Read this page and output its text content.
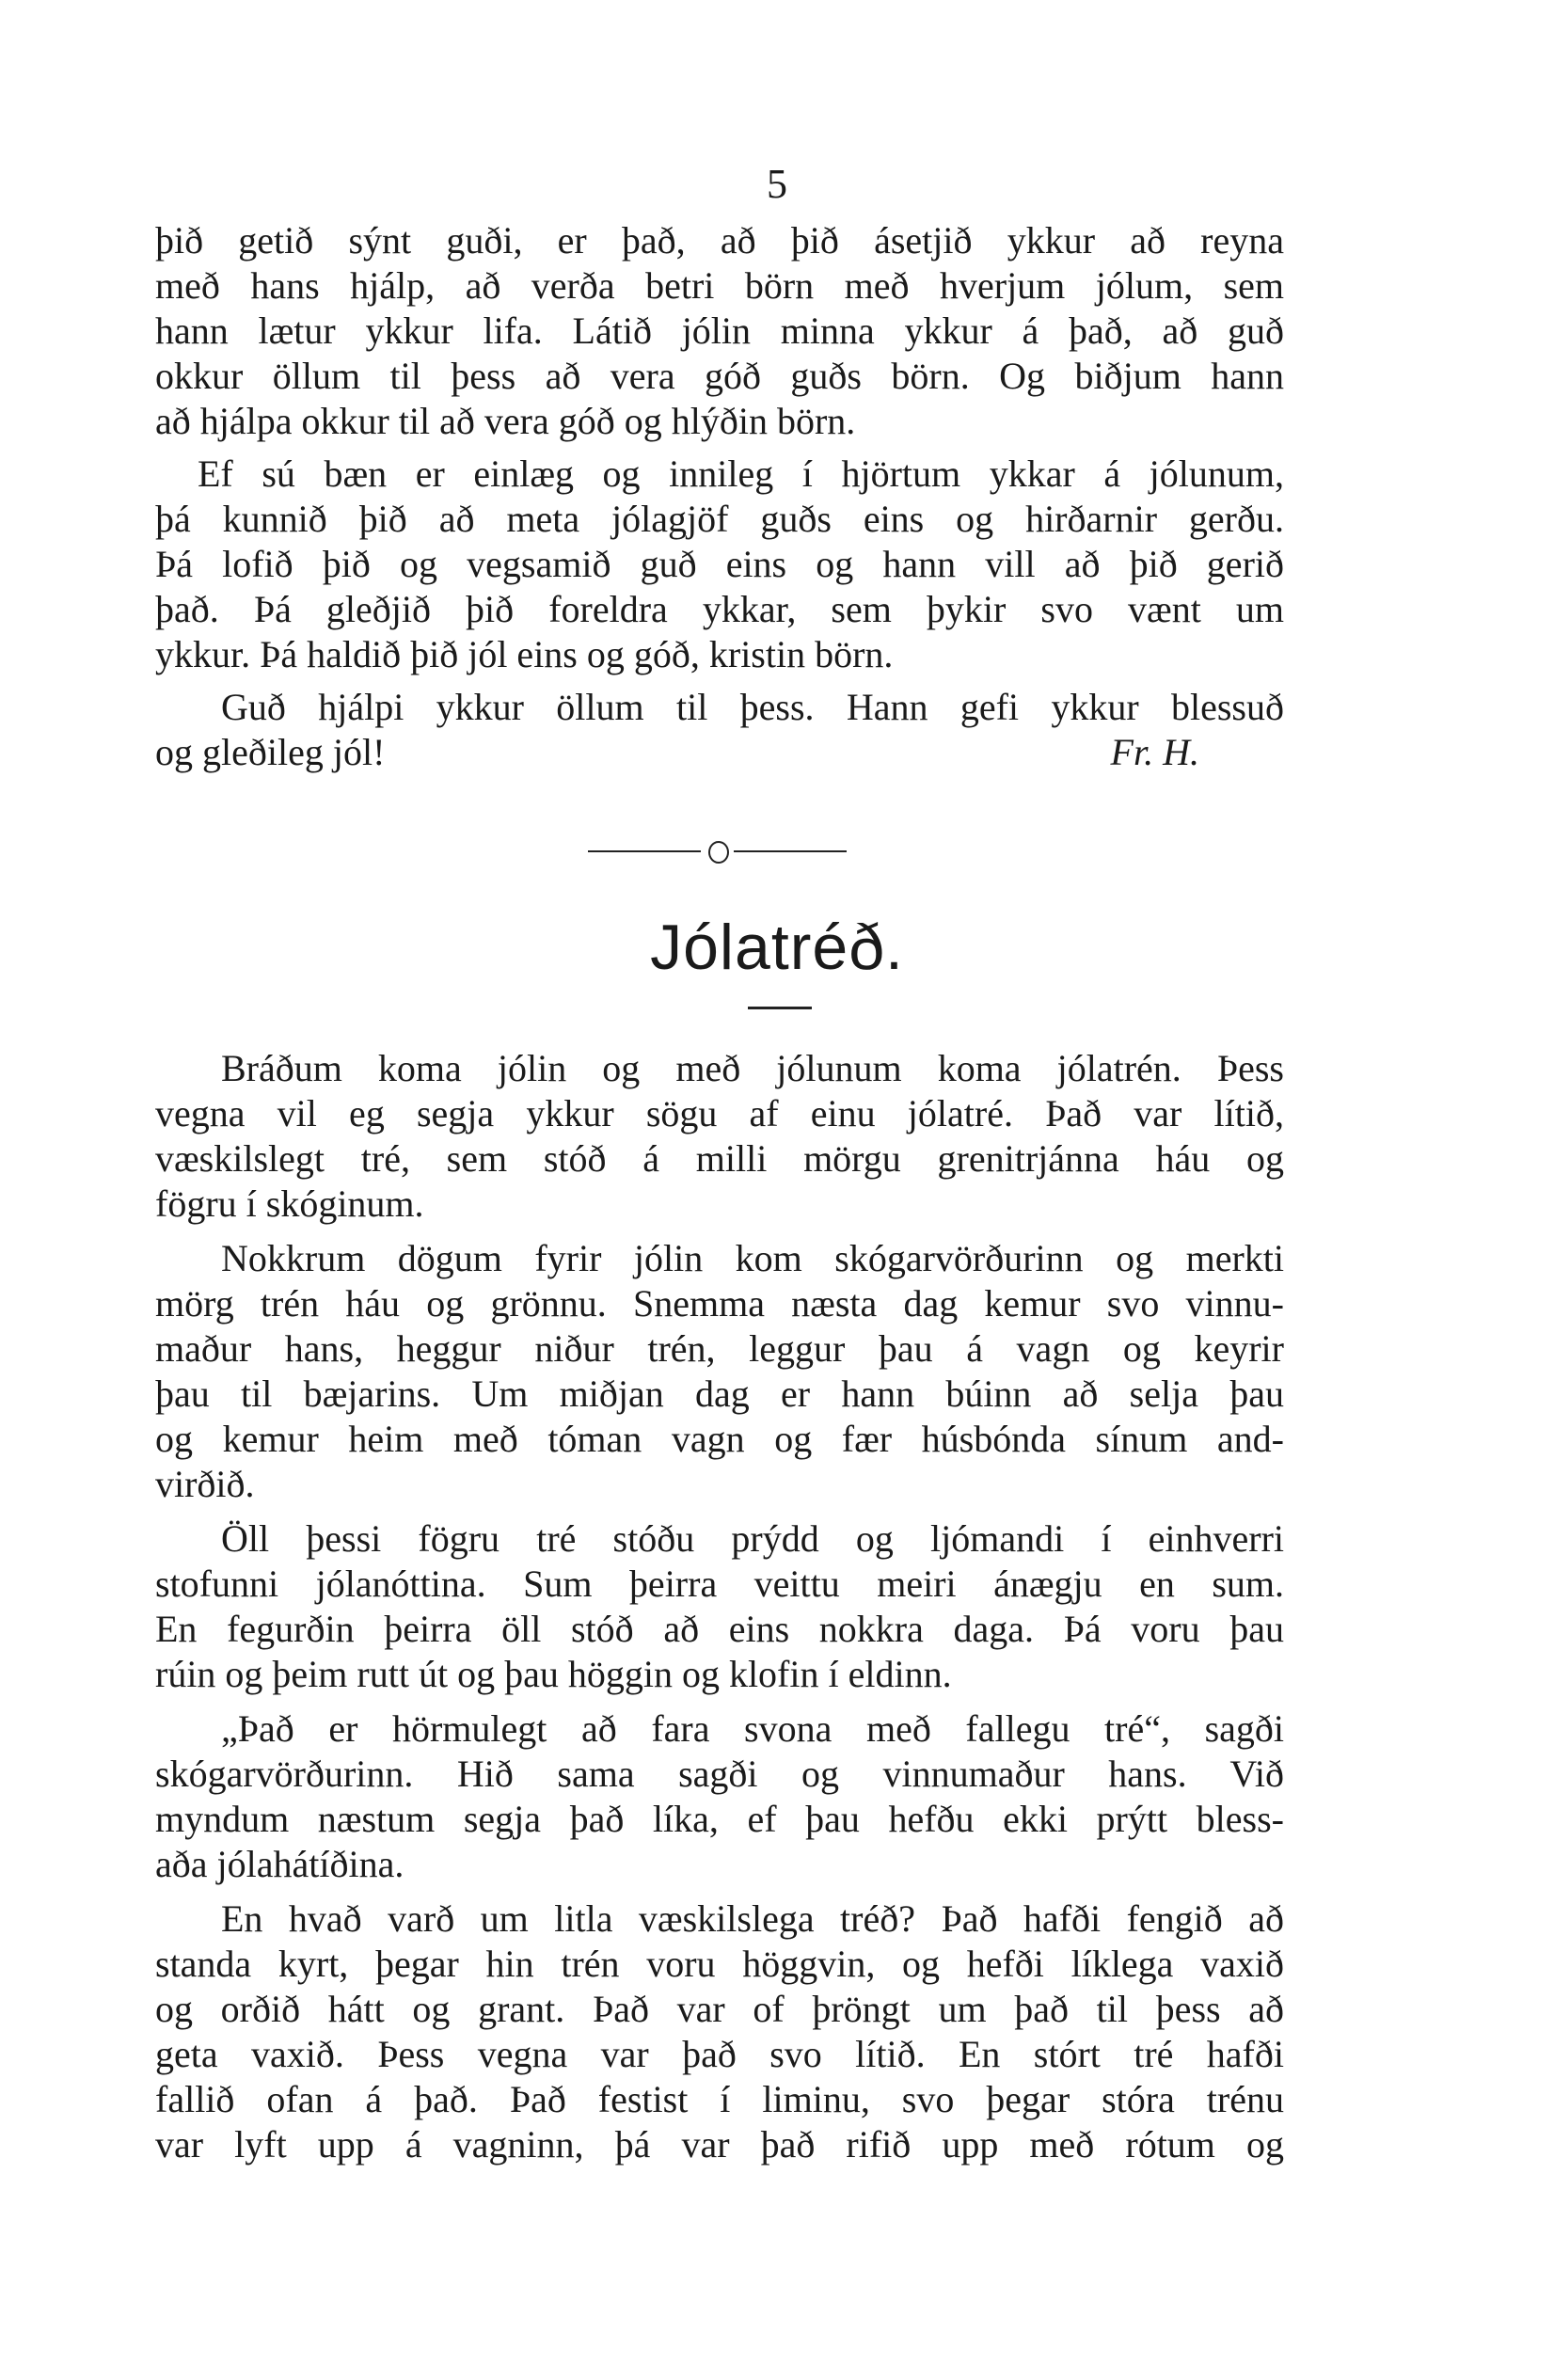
5
þið getið sýnt guði, er það, að þið ásetjið ykkur að reyna
með hans hjálp, að verða betri börn með hverjum jólum, sem
hann lætur ykkur lifa. Látið jólin minna ykkur á það, að guð
okkur öllum til þess að vera góð guðs börn. Og biðjum hann
að hjálpa okkur til að vera góð og hlýðin börn.
Ef sú bæn er einlæg og innileg í hjörtum ykkar á jólunum,
þá kunnið þið að meta jólagjöf guðs eins og hirðarnir gerðu.
Þá lofið þið og vegsamið guð eins og hann vill að þið gerið
það. Þá gleðjið þið foreldra ykkar, sem þykir svo vænt um
ykkur. Þá haldið þið jól eins og góð, kristin börn.
Guð hjálpi ykkur öllum til þess. Hann gefi ykkur blessuð
og gleðileg jól!	Fr. H.
Jólatréð.
Bráðum koma jólin og með jólunum koma jólatrén. Þess
vegna vil eg segja ykkur sögu af einu jólatré. Það var lítið,
væskilslegt tré, sem stóð á milli mörgu grenitrjánna háu og
fögru í skóginum.
Nokkrum dögum fyrir jólin kom skógarvörðurinn og merkti
mörg trén háu og grönnu. Snemma næsta dag kemur svo vinnu-
maður hans, heggur niður trén, leggur þau á vagn og keyrir
þau til bæjarins. Um miðjan dag er hann búinn að selja þau
og kemur heim með tóman vagn og fær húsbónda sínum and-
virðið.
Öll þessi fögru tré stóðu prýdd og ljómandi í einhverri
stofunni jólanóttina. Sum þeirra veittu meiri ánægju en sum.
En fegurðin þeirra öll stóð að eins nokkra daga. Þá voru þau
rúin og þeim rutt út og þau höggin og klofin í eldinn.
„Það er hörmulegt að fara svona með fallegu tré“, sagði
skógarvörðurinn. Hið sama sagði og vinnumaður hans. Við
myndum næstum segja það líka, ef þau hefðu ekki prýtt bless-
aða jólahátíðina.
En hvað varð um litla væskilslega tréð? Það hafði fengið að
standa kyrt, þegar hin trén voru höggvin, og hefði líklega vaxið
og orðið hátt og grant. Það var of þröngt um það til þess að
geta vaxið. Þess vegna var það svo lítið. En stórt tré hafði
fallið ofan á það. Það festist í liminu, svo þegar stóra trénu
var lyft upp á vagninn, þá var það rifið upp með rótum og
